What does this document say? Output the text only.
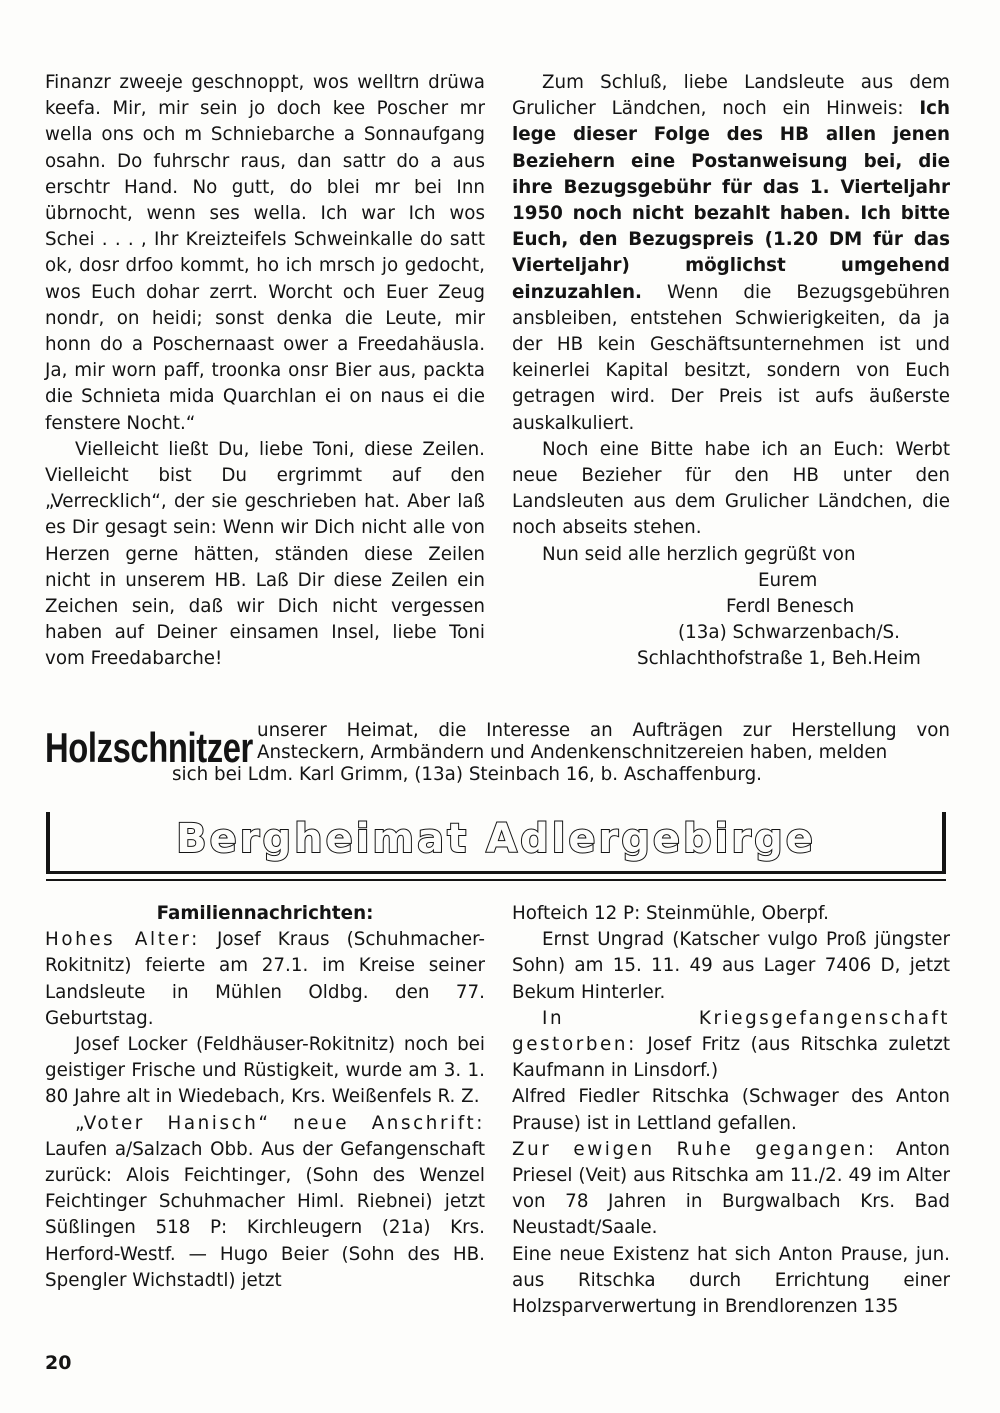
Finanzr zweeje geschnoppt, wos welltrn drüwa keefa. Mir, mir sein jo doch kee Poscher mr wella ons och m Schniebarche a Sonnaufgang osahn. Do fuhrschr raus, dan sattr do a aus erschtr Hand. No gutt, do blei mr bei Inn übrnocht, wenn ses wella. Ich war Ich wos Schei . . . , Ihr Kreizteifels Schweinkalle do satt ok, dosr drfoo kommt, ho ich mrsch jo gedocht, wos Euch dohar zerrt. Worcht och Euer Zeug nondr, on heidi; sonst denka die Leute, mir honn do a Poschernaast ower a Freedahäusla. Ja, mir worn paff, troonka onsr Bier aus, packta die Schnieta mida Quarchlan ei on naus ei die fenstere Nocht.“

Vielleicht ließt Du, liebe Toni, diese Zeilen. Vielleicht bist Du ergrimmt auf den „Verrecklich“, der sie geschrieben hat. Aber laß es Dir gesagt sein: Wenn wir Dich nicht alle von Herzen gerne hätten, ständen diese Zeilen nicht in unserem HB. Laß Dir diese Zeilen ein Zeichen sein, daß wir Dich nicht vergessen haben auf Deiner einsamen Insel, liebe Toni vom Freedabarche!

Zum Schluß, liebe Landsleute aus dem Grulicher Ländchen, noch ein Hinweis: Ich lege dieser Folge des HB allen jenen Beziehern eine Postanweisung bei, die ihre Bezugsgebühr für das 1. Vierteljahr 1950 noch nicht bezahlt haben. Ich bitte Euch, den Bezugspreis (1.20 DM für das Vierteljahr) möglichst umgehend einzuzahlen. Wenn die Bezugsgebühren ansbleiben, entstehen Schwierigkeiten, da ja der HB kein Geschäftsunternehmen ist und keinerlei Kapital besitzt, sondern von Euch getragen wird. Der Preis ist aufs äußerste auskalkuliert.

Noch eine Bitte habe ich an Euch: Werbt neue Bezieher für den HB unter den Landsleuten aus dem Grulicher Ländchen, die noch abseits stehen.

Nun seid alle herzlich gegrüßt von

Eurem

Ferdl Benesch

(13a) Schwarzenbach/S.

Schlachthofstraße 1, Beh.Heim

Holzschnitzer unserer Heimat, die Interesse an Aufträgen zur Herstellung von Ansteckern, Armbändern und Andenkenschnitzereien haben, melden
sich bei Ldm. Karl Grimm, (13a) Steinbach 16, b. Aschaffenburg.
Bergheimat Adlergebirge

Familiennachrichten:

Hohes Alter: Josef Kraus (Schuhmacher-Rokitnitz) feierte am 27.1. im Kreise seiner Landsleute in Mühlen Oldbg. den 77. Geburtstag.

Josef Locker (Feldhäuser-Rokitnitz) noch bei geistiger Frische und Rüstigkeit, wurde am 3. 1. 80 Jahre alt in Wiedebach, Krs. Weißenfels R. Z.

„Voter Hanisch“ neue Anschrift: Laufen a/Salzach Obb. Aus der Gefangenschaft zurück: Alois Feichtinger, (Sohn des Wenzel Feichtinger Schuhmacher Himl. Riebnei) jetzt Süßlingen 518 P: Kirchleugern (21a) Krs. Herford-Westf. — Hugo Beier (Sohn des HB. Spengler Wichstadtl) jetzt

Hofteich 12 P: Steinmühle, Oberpf.

Ernst Ungrad (Katscher vulgo Proß jüngster Sohn) am 15. 11. 49 aus Lager 7406 D, jetzt Bekum Hinterler.

In Kriegsgefangenschaft gestorben: Josef Fritz (aus Ritschka zuletzt Kaufmann in Linsdorf.)

Alfred Fiedler Ritschka (Schwager des Anton Prause) ist in Lettland gefallen.

Zur ewigen Ruhe gegangen: Anton Priesel (Veit) aus Ritschka am 11./2. 49 im Alter von 78 Jahren in Burgwalbach Krs. Bad Neustadt/Saale.

Eine neue Existenz hat sich Anton Prause, jun. aus Ritschka durch Errichtung einer Holzsparverwertung in Brendlorenzen 135

20
